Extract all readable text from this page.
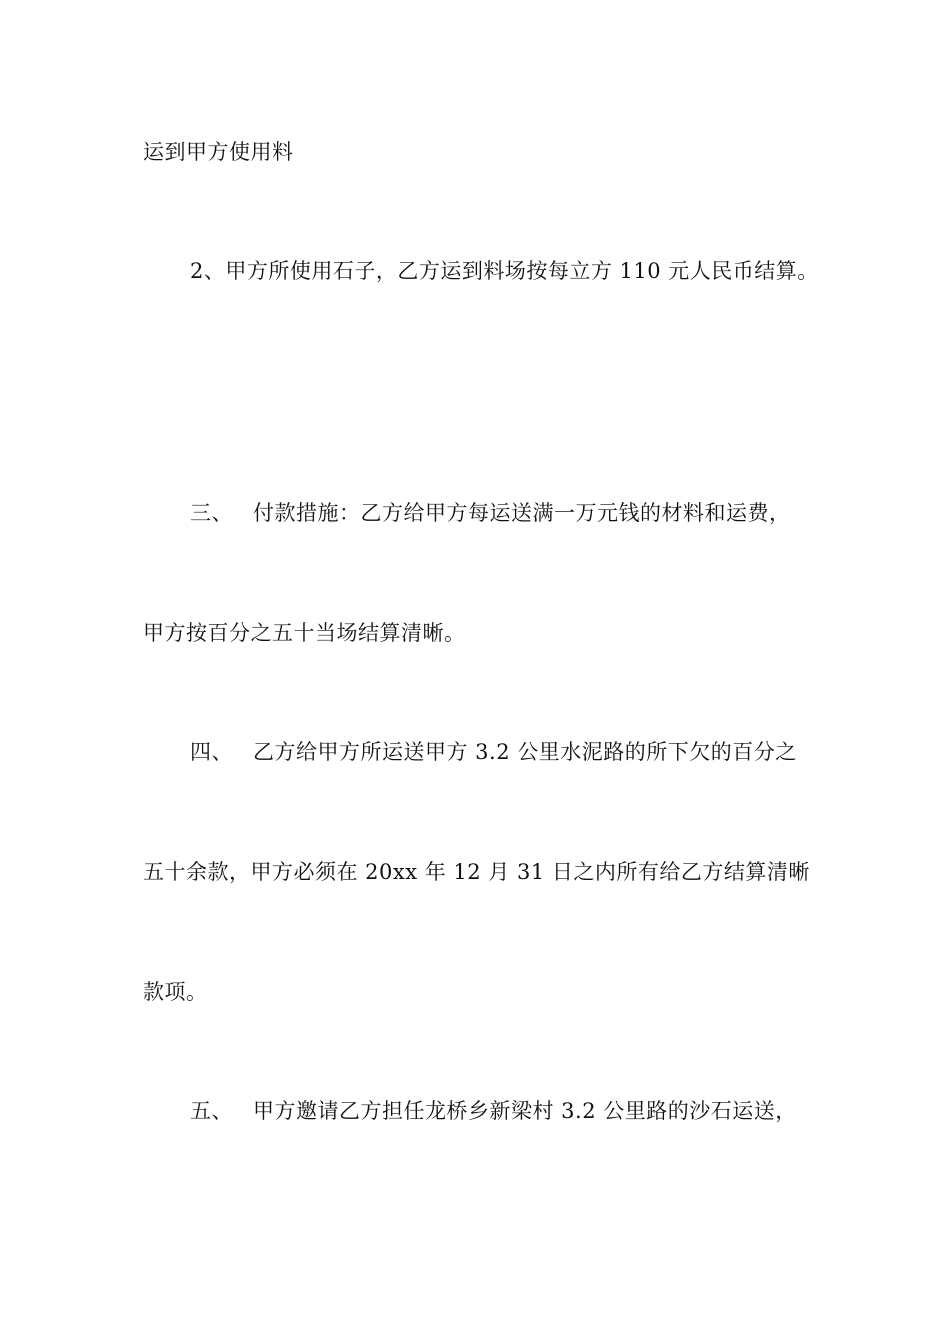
运到甲方使用料
2、甲方所使用石子，乙方运到料场按每立方 110 元人民币结算。
三、 付款措施：乙方给甲方每运送满一万元钱的材料和运费，
甲方按百分之五十当场结算清晰。
四、 乙方给甲方所运送甲方 3.2 公里水泥路的所下欠的百分之
五十余款，甲方必须在 20xx 年 12 月 31 日之内所有给乙方结算清晰
款项。
五、 甲方邀请乙方担任龙桥乡新梁村 3.2 公里路的沙石运送，
